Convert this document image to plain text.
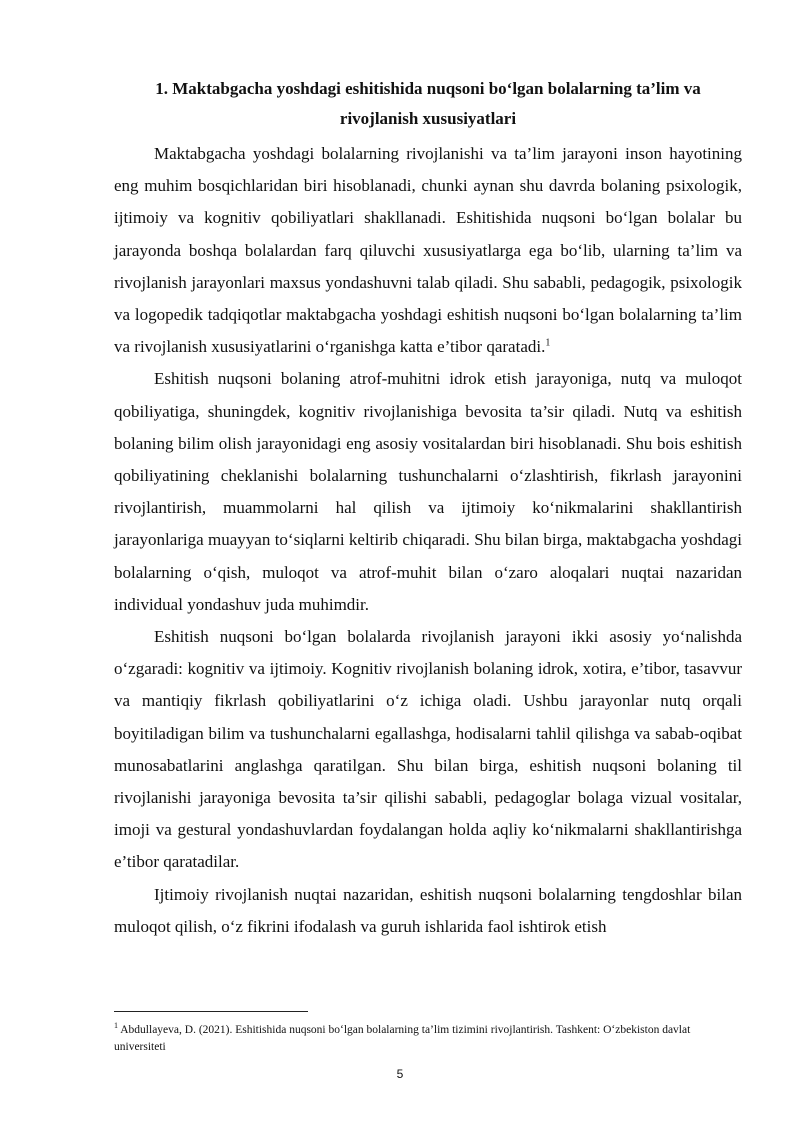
1. Maktabgacha yoshdagi eshitishida nuqsoni bo‘lgan bolalarning ta’lim va rivojlanish xususiyatlari

Maktabgacha yoshdagi bolalarning rivojlanishi va ta’lim jarayoni inson hayotining eng muhim bosqichlaridan biri hisoblanadi, chunki aynan shu davrda bolaning psixologik, ijtimoiy va kognitiv qobiliyatlari shakllanadi. Eshitishida nuqsoni bo‘lgan bolalar bu jarayonda boshqa bolalardan farq qiluvchi xususiyatlarga ega bo‘lib, ularning ta’lim va rivojlanish jarayonlari maxsus yondashuvni talab qiladi. Shu sababli, pedagogik, psixologik va logopedik tadqiqotlar maktabgacha yoshdagi eshitish nuqsoni bo‘lgan bolalarning ta’lim va rivojlanish xususiyatlarini o‘rganishga katta e’tibor qaratadi.$^1$

Eshitish nuqsoni bolaning atrof-muhitni idrok etish jarayoniga, nutq va muloqot qobiliyatiga, shuningdek, kognitiv rivojlanishiga bevosita ta’sir qiladi. Nutq va eshitish bolaning bilim olish jarayonidagi eng asosiy vositalardan biri hisoblanadi. Shu bois eshitish qobiliyatining cheklanishi bolalarning tushunchalarni o‘zlashtirish, fikrlash jarayonini rivojlantirish, muammolarni hal qilish va ijtimoiy ko‘nikmalarini shakllantirish jarayonlariga muayyan to‘siqlarni keltirib chiqaradi. Shu bilan birga, maktabgacha yoshdagi bolalarning o‘qish, muloqot va atrof-muhit bilan o‘zaro aloqalari nuqtai nazaridan individual yondashuv juda muhimdir.

Eshitish nuqsoni bo‘lgan bolalarda rivojlanish jarayoni ikki asosiy yo‘nalishda o‘zgaradi: kognitiv va ijtimoiy. Kognitiv rivojlanish bolaning idrok, xotira, e’tibor, tasavvur va mantiqiy fikrlash qobiliyatlarini o‘z ichiga oladi. Ushbu jarayonlar nutq orqali boyitiladigan bilim va tushunchalarni egallashga, hodisalarni tahlil qilishga va sabab-oqibat munosabatlarini anglashga qaratilgan. Shu bilan birga, eshitish nuqsoni bolaning til rivojlanishi jarayoniga bevosita ta’sir qilishi sababli, pedagoglar bolaga vizual vositalar, imoji va gestural yondashuvlardan foydalangan holda aqliy ko‘nikmalarni shakllantirishga e’tibor qaratadilar.

Ijtimoiy rivojlanish nuqtai nazaridan, eshitish nuqsoni bolalarning tengdoshlar bilan muloqot qilish, o‘z fikrini ifodalash va guruh ishlarida faol ishtirok etish

$^1$ Abdullayeva, D. (2021). Eshitishida nuqsoni bo‘lgan bolalarning ta’lim tizimini rivojlantirish. Tashkent: O‘zbekiston davlat universiteti
5
